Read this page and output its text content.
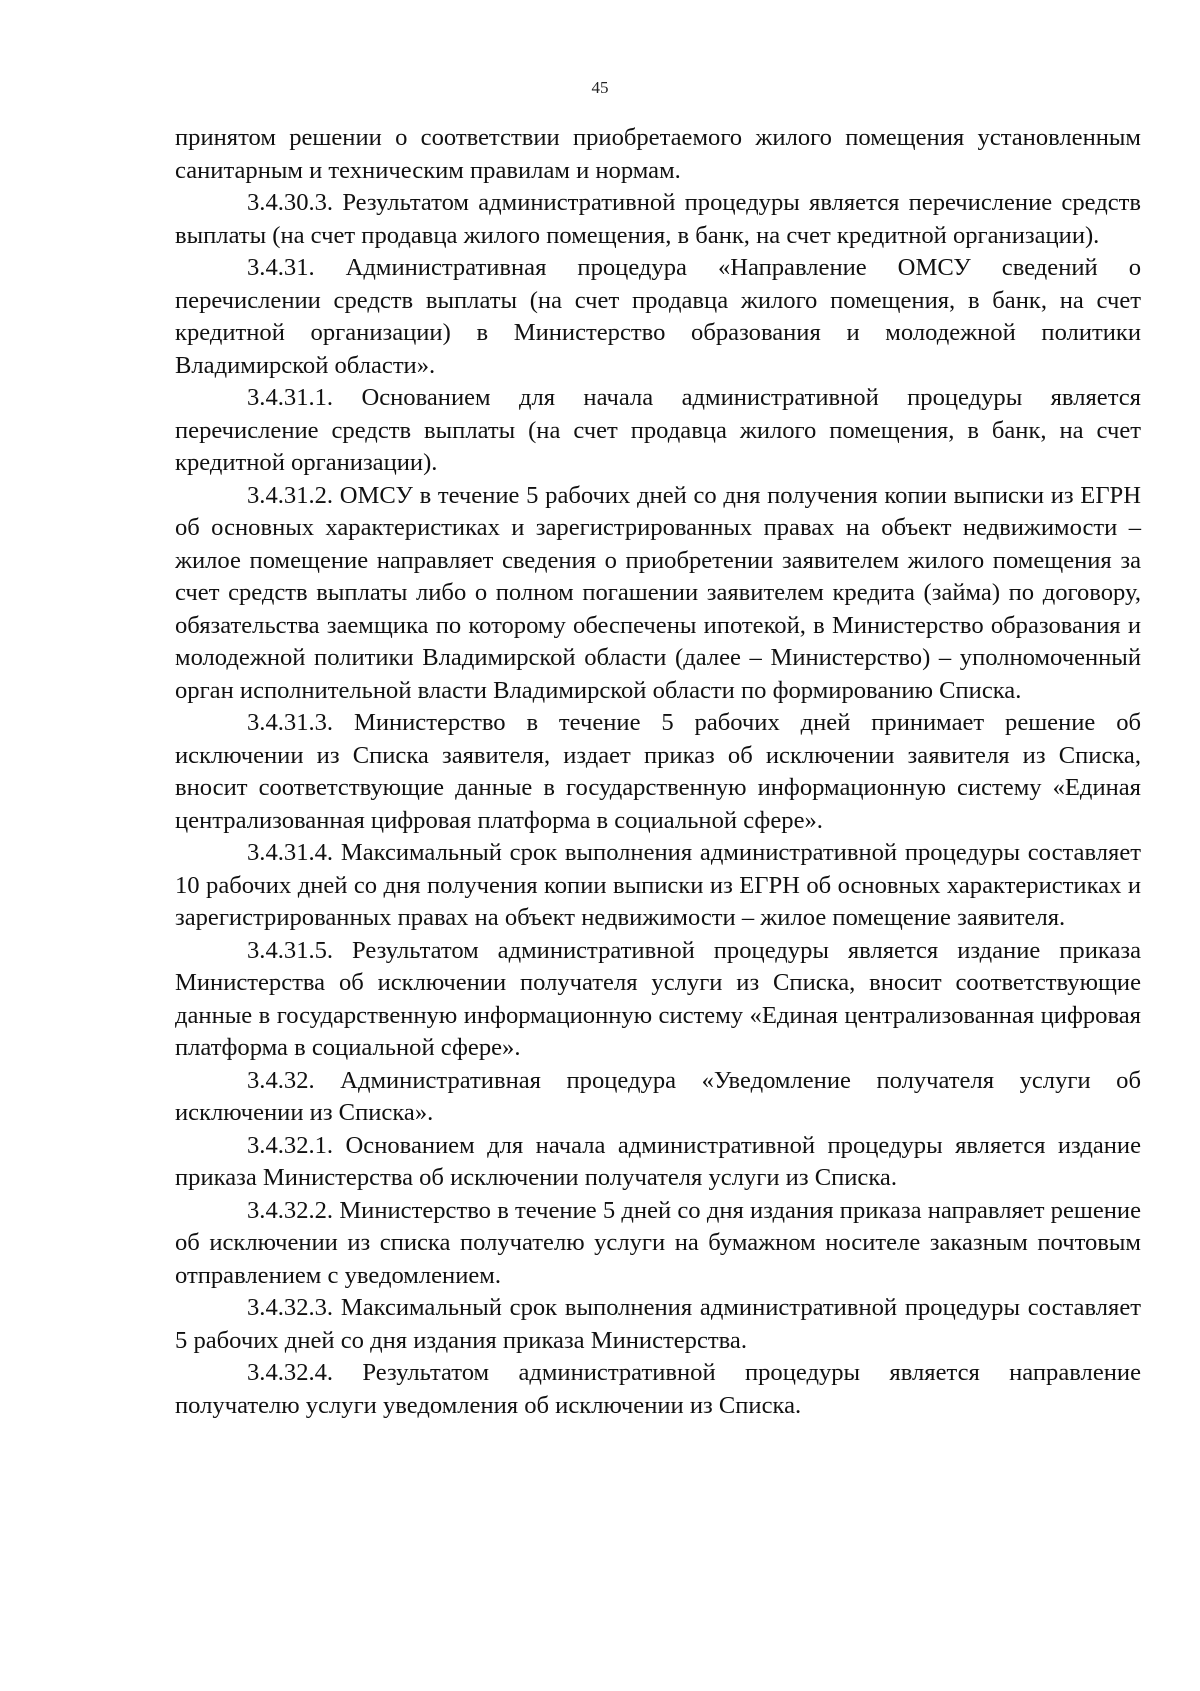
45

принятом решении о соответствии приобретаемого жилого помещения установленным санитарным и техническим правилам и нормам.

3.4.30.3. Результатом административной процедуры является перечисление средств выплаты (на счет продавца жилого помещения, в банк, на счет кредитной организации).

3.4.31. Административная процедура «Направление ОМСУ сведений о перечислении средств выплаты (на счет продавца жилого помещения, в банк, на счет кредитной организации) в Министерство образования и молодежной политики Владимирской области».

3.4.31.1. Основанием для начала административной процедуры является перечисление средств выплаты (на счет продавца жилого помещения, в банк, на счет кредитной организации).

3.4.31.2. ОМСУ в течение 5 рабочих дней со дня получения копии выписки из ЕГРН об основных характеристиках и зарегистрированных правах на объект недвижимости – жилое помещение направляет сведения о приобретении заявителем жилого помещения за счет средств выплаты либо о полном погашении заявителем кредита (займа) по договору, обязательства заемщика по которому обеспечены ипотекой, в Министерство образования и молодежной политики Владимирской области (далее – Министерство) – уполномоченный орган исполнительной власти Владимирской области по формированию Списка.

3.4.31.3. Министерство в течение 5 рабочих дней принимает решение об исключении из Списка заявителя, издает приказ об исключении заявителя из Списка, вносит соответствующие данные в государственную информационную систему «Единая централизованная цифровая платформа в социальной сфере».

3.4.31.4. Максимальный срок выполнения административной процедуры составляет 10 рабочих дней со дня получения копии выписки из ЕГРН об основных характеристиках и зарегистрированных правах на объект недвижимости – жилое помещение заявителя.

3.4.31.5. Результатом административной процедуры является издание приказа Министерства об исключении получателя услуги из Списка, вносит соответствующие данные в государственную информационную систему «Единая централизованная цифровая платформа в социальной сфере».

3.4.32. Административная процедура «Уведомление получателя услуги об исключении из Списка».

3.4.32.1. Основанием для начала административной процедуры является издание приказа Министерства об исключении получателя услуги из Списка.

3.4.32.2. Министерство в течение 5 дней со дня издания приказа направляет решение об исключении из списка получателю услуги на бумажном носителе заказным почтовым отправлением с уведомлением.

3.4.32.3. Максимальный срок выполнения административной процедуры составляет 5 рабочих дней со дня издания приказа Министерства.

3.4.32.4. Результатом административной процедуры является направление получателю услуги уведомления об исключении из Списка.
